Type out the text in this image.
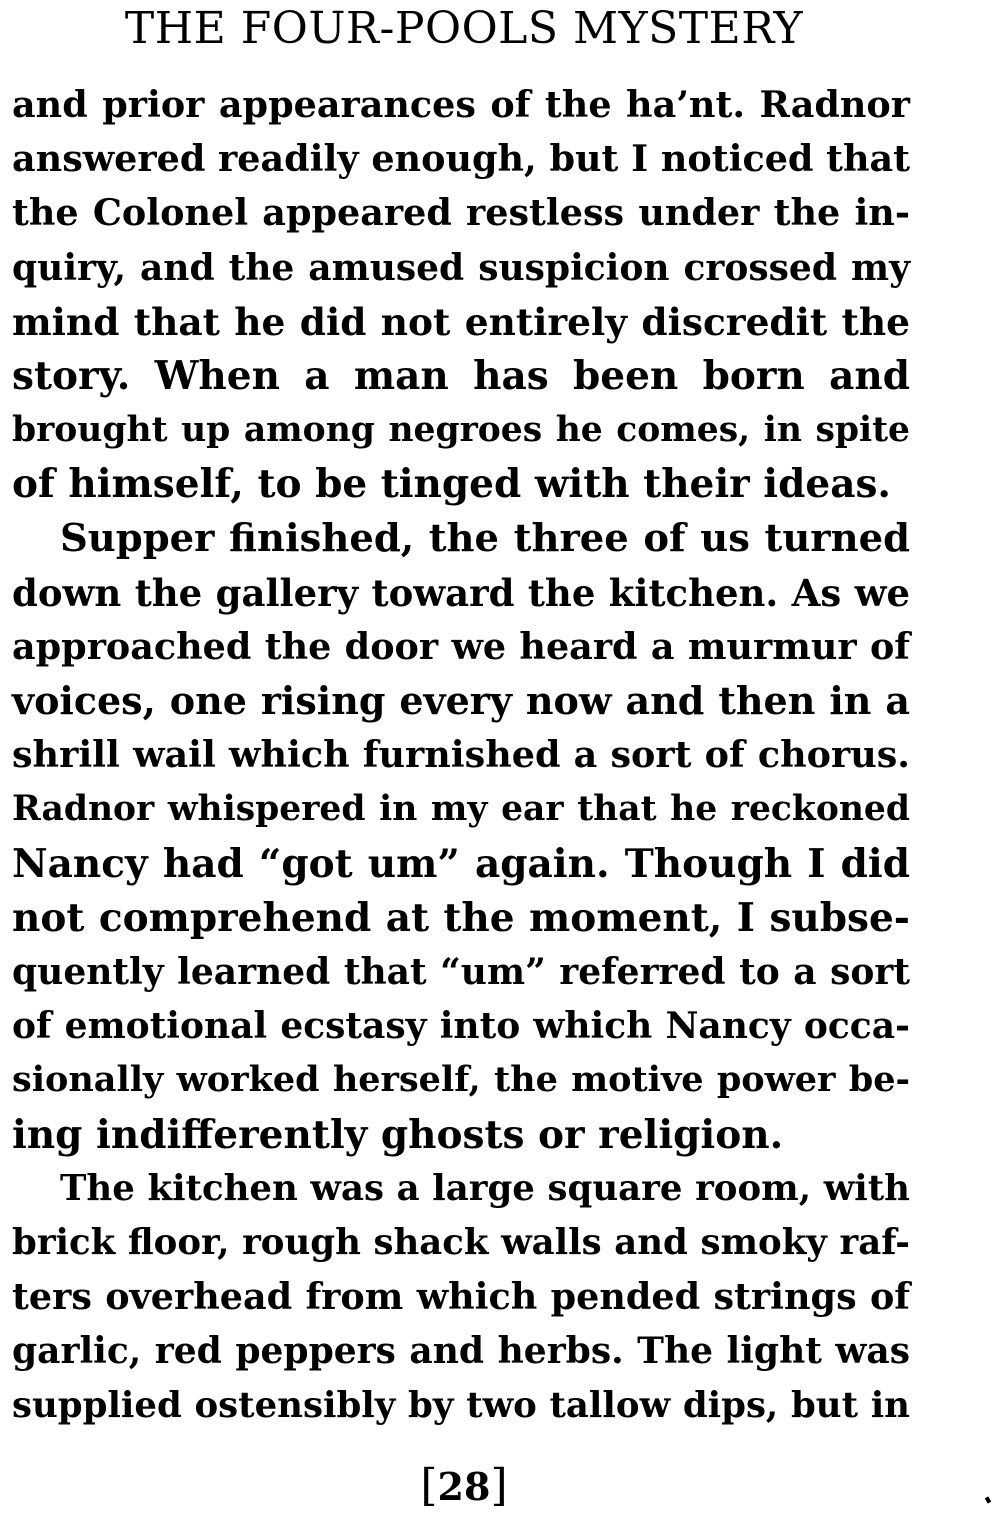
THE FOUR-POOLS MYSTERY
and prior appearances of the ha’nt. Radnor
answered readily enough, but I noticed that
the Colonel appeared restless under the in-
quiry, and the amused suspicion crossed my
mind that he did not entirely discredit the
story. When a man has been born and
brought up among negroes he comes, in spite
of himself, to be tinged with their ideas.
Supper finished, the three of us turned
down the gallery toward the kitchen. As we
approached the door we heard a murmur of
voices, one rising every now and then in a
shrill wail which furnished a sort of chorus.
Radnor whispered in my ear that he reckoned
Nancy had “got um” again. Though I did
not comprehend at the moment, I subse-
quently learned that “um” referred to a sort
of emotional ecstasy into which Nancy occa-
sionally worked herself, the motive power be-
ing indifferently ghosts or religion.
The kitchen was a large square room, with
brick floor, rough shack walls and smoky raf-
ters overhead from which pended strings of
garlic, red peppers and herbs. The light was
supplied ostensibly by two tallow dips, but in
[28]
